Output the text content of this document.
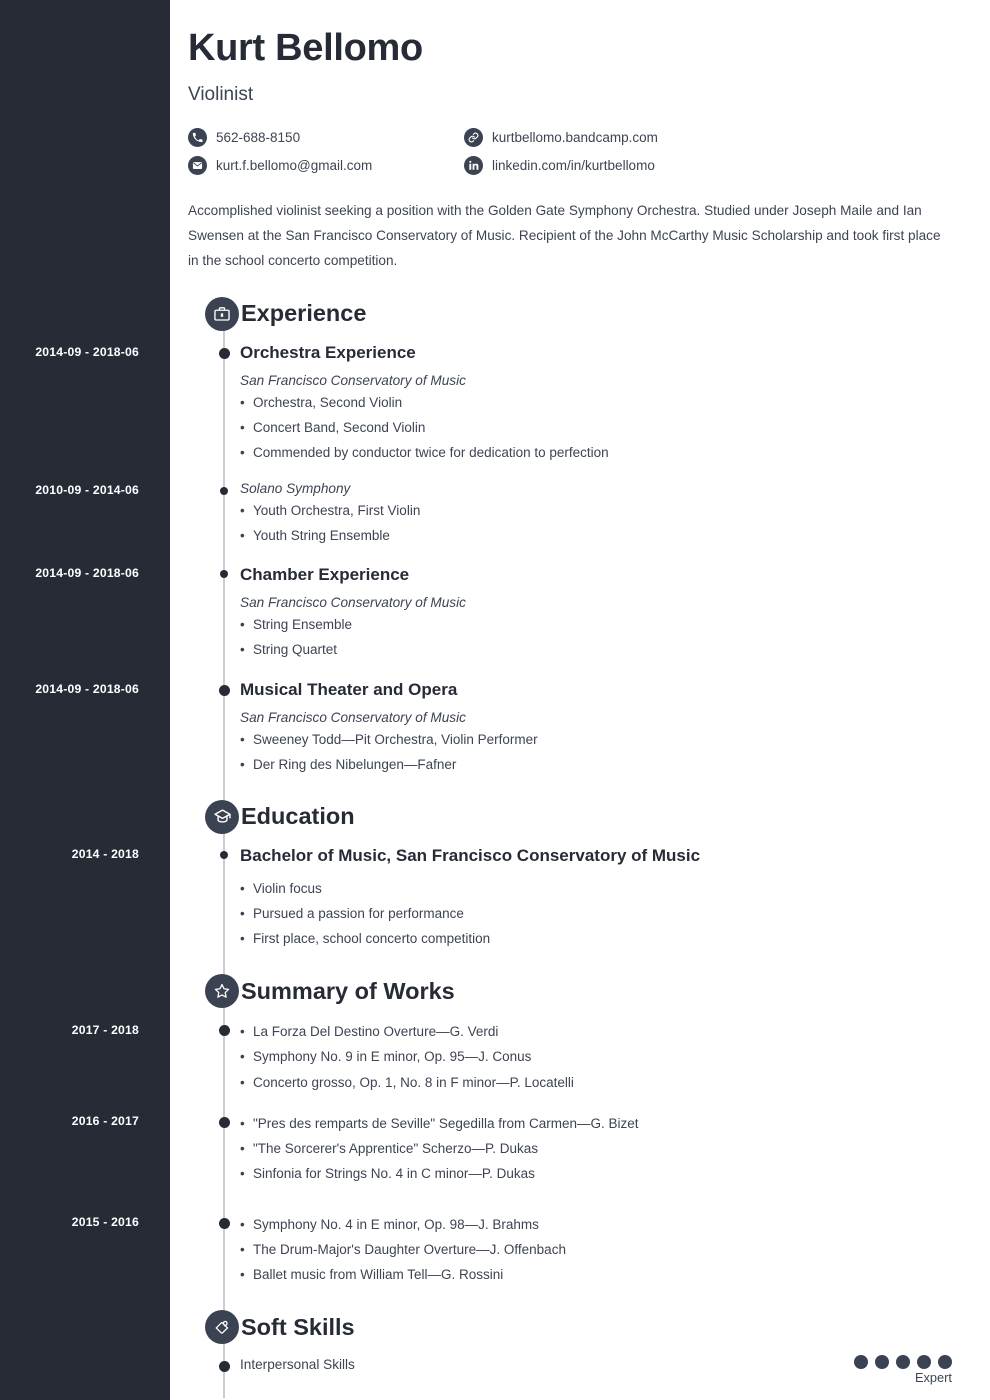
Kurt Bellomo
Violinist
562-688-8150	kurtbellomo.bandcamp.com
kurt.f.bellomo@gmail.com	linkedin.com/in/kurtbellomo

Accomplished violinist seeking a position with the Golden Gate Symphony Orchestra. Studied under Joseph Maile and Ian Swensen at the San Francisco Conservatory of Music. Recipient of the John McCarthy Music Scholarship and took first place in the school concerto competition.

Experience
2014-09 - 2018-06	Orchestra Experience
San Francisco Conservatory of Music
• Orchestra, Second Violin
• Concert Band, Second Violin
• Commended by conductor twice for dedication to perfection
2010-09 - 2014-06	Solano Symphony
• Youth Orchestra, First Violin
• Youth String Ensemble
2014-09 - 2018-06	Chamber Experience
San Francisco Conservatory of Music
• String Ensemble
• String Quartet
2014-09 - 2018-06	Musical Theater and Opera
San Francisco Conservatory of Music
• Sweeney Todd—Pit Orchestra, Violin Performer
• Der Ring des Nibelungen—Fafner
Education
2014 - 2018	Bachelor of Music, San Francisco Conservatory of Music
• Violin focus
• Pursued a passion for performance
• First place, school concerto competition
Summary of Works
2017 - 2018	• La Forza Del Destino Overture—G. Verdi
• Symphony No. 9 in E minor, Op. 95—J. Conus
• Concerto grosso, Op. 1, No. 8 in F minor—P. Locatelli
2016 - 2017	• "Pres des remparts de Seville" Segedilla from Carmen—G. Bizet
• "The Sorcerer's Apprentice" Scherzo—P. Dukas
• Sinfonia for Strings No. 4 in C minor—P. Dukas
2015 - 2016	• Symphony No. 4 in E minor, Op. 98—J. Brahms
• The Drum-Major's Daughter Overture—J. Offenbach
• Ballet music from William Tell—G. Rossini
Soft Skills
Interpersonal Skills
Expert
